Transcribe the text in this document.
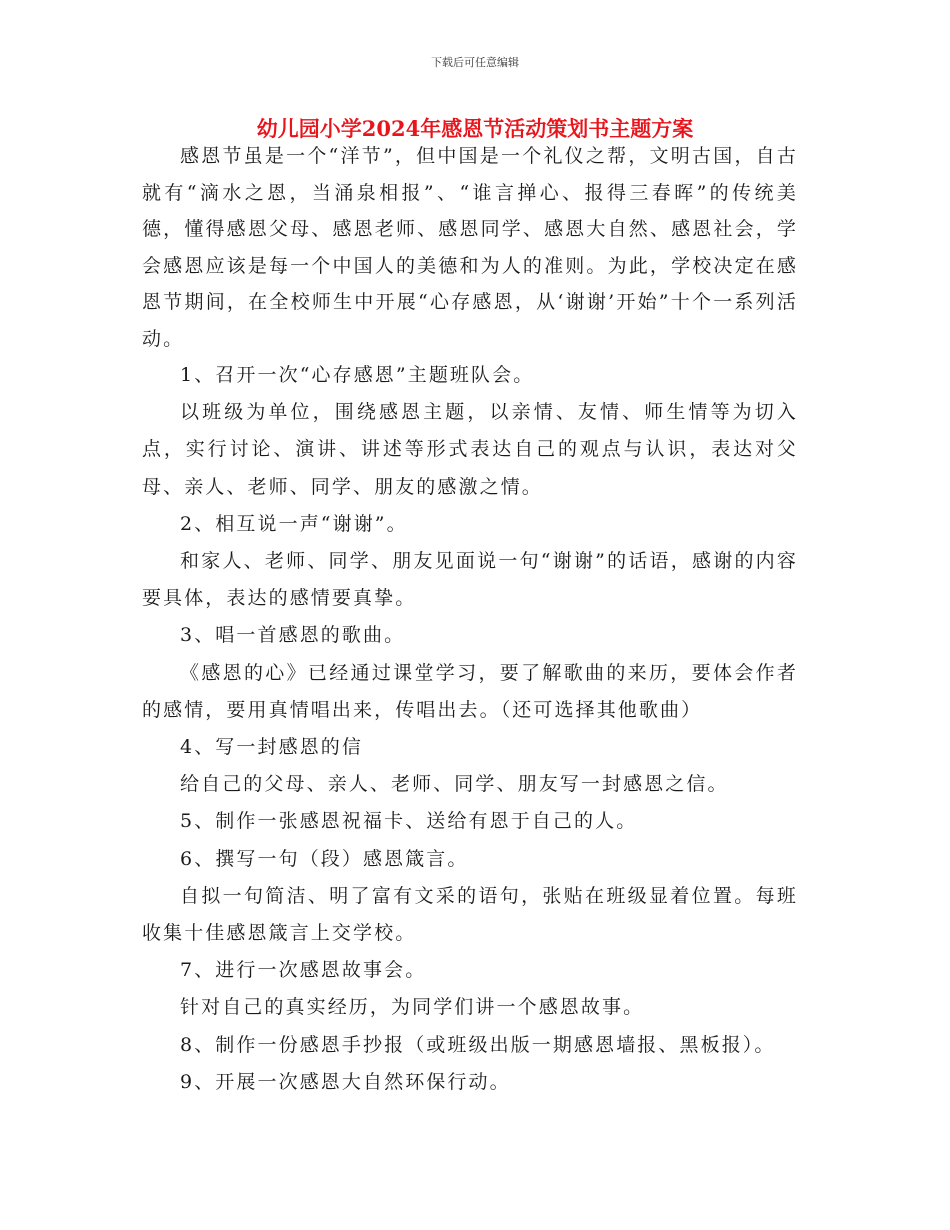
下载后可任意编辑
幼儿园小学2024年感恩节活动策划书主题方案

感恩节虽是一个“洋节”，但中国是一个礼仪之帮，文明古国，自古就有“滴水之恩，当涌泉相报”、“谁言掸心、报得三春晖”的传统美德，懂得感恩父母、感恩老师、感恩同学、感恩大自然、感恩社会，学会感恩应该是每一个中国人的美德和为人的准则。为此，学校决定在感恩节期间，在全校师生中开展“心存感恩，从‘谢谢’开始”十个一系列活动。

1、召开一次“心存感恩”主题班队会。

以班级为单位，围绕感恩主题，以亲情、友情、师生情等为切入点，实行讨论、演讲、讲述等形式表达自己的观点与认识，表达对父母、亲人、老师、同学、朋友的感激之情。

2、相互说一声“谢谢”。

和家人、老师、同学、朋友见面说一句“谢谢”的话语，感谢的内容要具体，表达的感情要真挚。

3、唱一首感恩的歌曲。

《感恩的心》已经通过课堂学习，要了解歌曲的来历，要体会作者的感情，要用真情唱出来，传唱出去。（还可选择其他歌曲）

4、写一封感恩的信

给自己的父母、亲人、老师、同学、朋友写一封感恩之信。

5、制作一张感恩祝福卡、送给有恩于自己的人。

6、撰写一句（段）感恩箴言。

自拟一句简洁、明了富有文采的语句，张贴在班级显着位置。每班收集十佳感恩箴言上交学校。

7、进行一次感恩故事会。

针对自己的真实经历，为同学们讲一个感恩故事。

8、制作一份感恩手抄报（或班级出版一期感恩墙报、黑板报）。

9、开展一次感恩大自然环保行动。
